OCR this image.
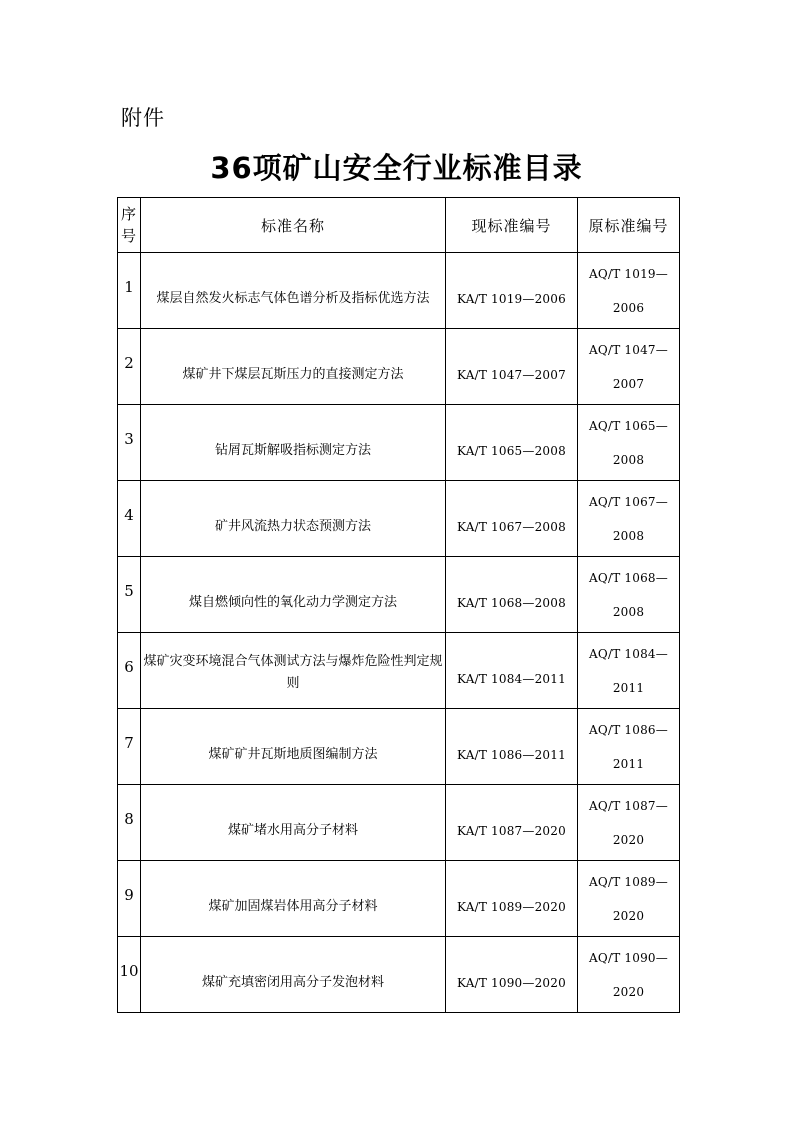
附件
36项矿山安全行业标准目录
序号	标准名称	现标准编号	原标准编号
1	煤层自然发火标志气体色谱分析及指标优选方法	KA/T 1019—2006	AQ/T 1019—
2006

2	煤矿井下煤层瓦斯压力的直接测定方法	KA/T 1047—2007	AQ/T 1047—
2007

3	钻屑瓦斯解吸指标测定方法	KA/T 1065—2008	AQ/T 1065—
2008

4	矿井风流热力状态预测方法	KA/T 1067—2008	AQ/T 1067—
2008

5	煤自燃倾向性的氧化动力学测定方法	KA/T 1068—2008	AQ/T 1068—
2008

6	煤矿灾变环境混合气体测试方法与爆炸危险性判定规则	KA/T 1084—2011	AQ/T 1084—
2011

7	煤矿矿井瓦斯地质图编制方法	KA/T 1086—2011	AQ/T 1086—
2011

8	煤矿堵水用高分子材料	KA/T 1087—2020	AQ/T 1087—
2020

9	煤矿加固煤岩体用高分子材料	KA/T 1089—2020	AQ/T 1089—
2020

10	煤矿充填密闭用高分子发泡材料	KA/T 1090—2020	AQ/T 1090—
2020
